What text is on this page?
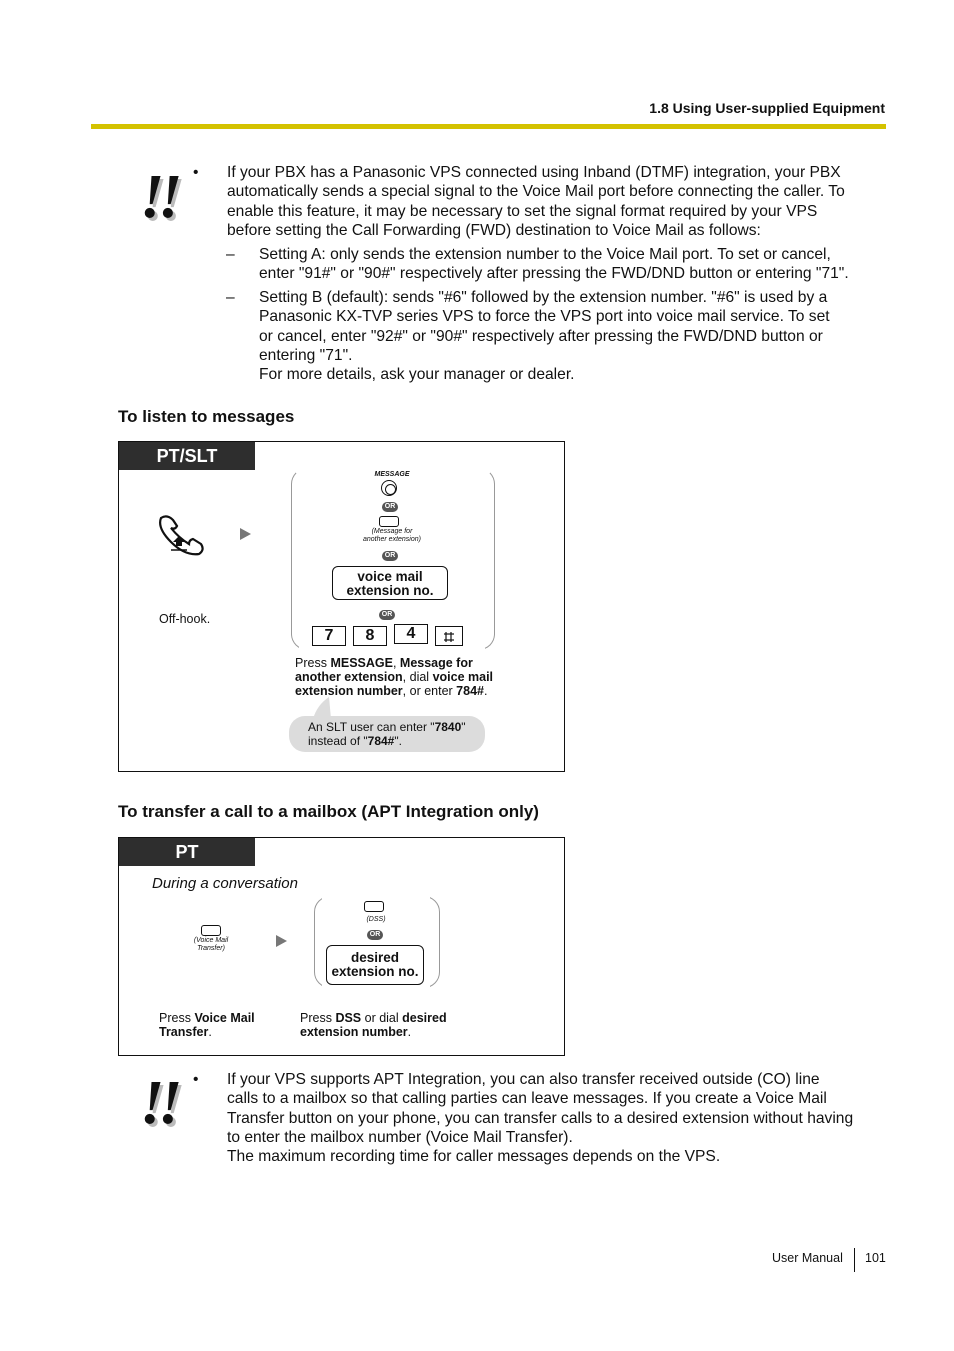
1.8 Using User-supplied Equipment
!! • If your PBX has a Panasonic VPS connected using Inband (DTMF) integration, your PBX
automatically sends a special signal to the Voice Mail port before connecting the caller. To
enable this feature, it may be necessary to set the signal format required by your VPS
before setting the Call Forwarding (FWD) destination to Voice Mail as follows:
– Setting A: only sends the extension number to the Voice Mail port. To set or cancel,
enter "91#" or "90#" respectively after pressing the FWD/DND button or entering "71".
– Setting B (default): sends "#6" followed by the extension number. "#6" is used by a
Panasonic KX-TVP series VPS to force the VPS port into voice mail service. To set
or cancel, enter "92#" or "90#" respectively after pressing the FWD/DND button or
entering "71".
For more details, ask your manager or dealer.
To listen to messages
PT/SLT
Off-hook.
MESSAGE
OR
(Message for
another extension)
OR
voice mail
extension no.
OR
7	8	4
Press MESSAGE, Message for
another extension, dial voice mail
extension number, or enter 784#.
An SLT user can enter "7840"
instead of "784#".
To transfer a call to a mailbox (APT Integration only)
PT
During a conversation
(Voice Mail
Transfer)
(DSS)
OR
desired
extension no.
Press Voice Mail
Transfer.
Press DSS or dial desired
extension number.
!! • If your VPS supports APT Integration, you can also transfer received outside (CO) line
calls to a mailbox so that calling parties can leave messages. If you create a Voice Mail
Transfer button on your phone, you can transfer calls to a desired extension without having
to enter the mailbox number (Voice Mail Transfer).
The maximum recording time for caller messages depends on the VPS.
User Manual 101
